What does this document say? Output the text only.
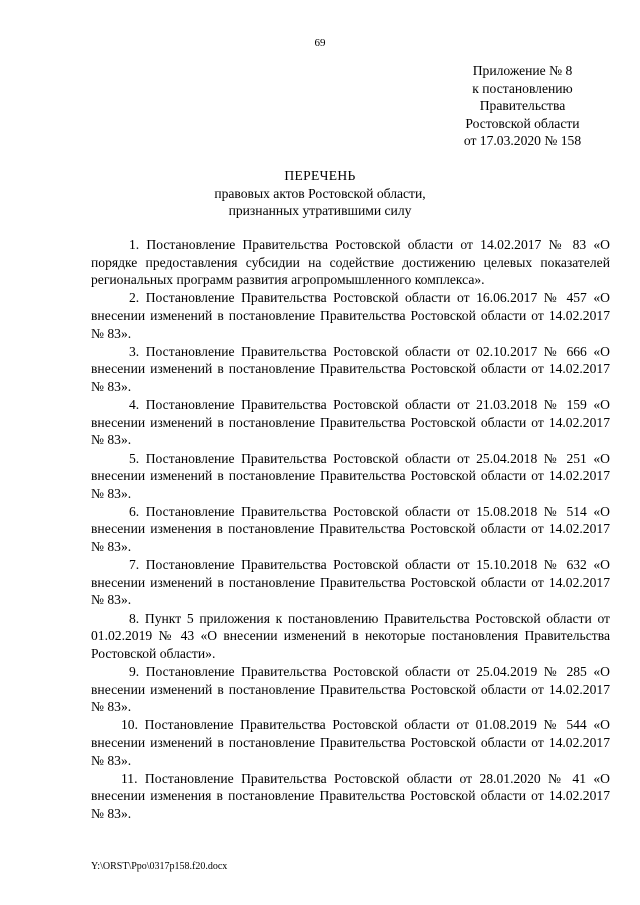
69
Приложение № 8
к постановлению
Правительства
Ростовской области
от 17.03.2020 № 158
ПЕРЕЧЕНЬ
правовых актов Ростовской области,
признанных утратившими силу

1. Постановление Правительства Ростовской области от 14.02.2017 № 83 «О порядке предоставления субсидии на содействие достижению целевых показателей региональных программ развития агропромышленного комплекса».

2. Постановление Правительства Ростовской области от 16.06.2017 № 457 «О внесении изменений в постановление Правительства Ростовской области от 14.02.2017 № 83».

3. Постановление Правительства Ростовской области от 02.10.2017 № 666 «О внесении изменений в постановление Правительства Ростовской области от 14.02.2017 № 83».

4. Постановление Правительства Ростовской области от 21.03.2018 № 159 «О внесении изменений в постановление Правительства Ростовской области от 14.02.2017 № 83».

5. Постановление Правительства Ростовской области от 25.04.2018 № 251 «О внесении изменений в постановление Правительства Ростовской области от 14.02.2017 № 83».

6. Постановление Правительства Ростовской области от 15.08.2018 № 514 «О внесении изменения в постановление Правительства Ростовской области от 14.02.2017 № 83».

7. Постановление Правительства Ростовской области от 15.10.2018 № 632 «О внесении изменений в постановление Правительства Ростовской области от 14.02.2017 № 83».

8. Пункт 5 приложения к постановлению Правительства Ростовской области от 01.02.2019 № 43 «О внесении изменений в некоторые постановления Правительства Ростовской области».

9. Постановление Правительства Ростовской области от 25.04.2019 № 285 «О внесении изменений в постановление Правительства Ростовской области от 14.02.2017 № 83».

10. Постановление Правительства Ростовской области от 01.08.2019 № 544 «О внесении изменений в постановление Правительства Ростовской области от 14.02.2017 № 83».

11. Постановление Правительства Ростовской области от 28.01.2020 № 41 «О внесении изменения в постановление Правительства Ростовской области от 14.02.2017 № 83».

Y:\ORST\Ppo\0317p158.f20.docx
